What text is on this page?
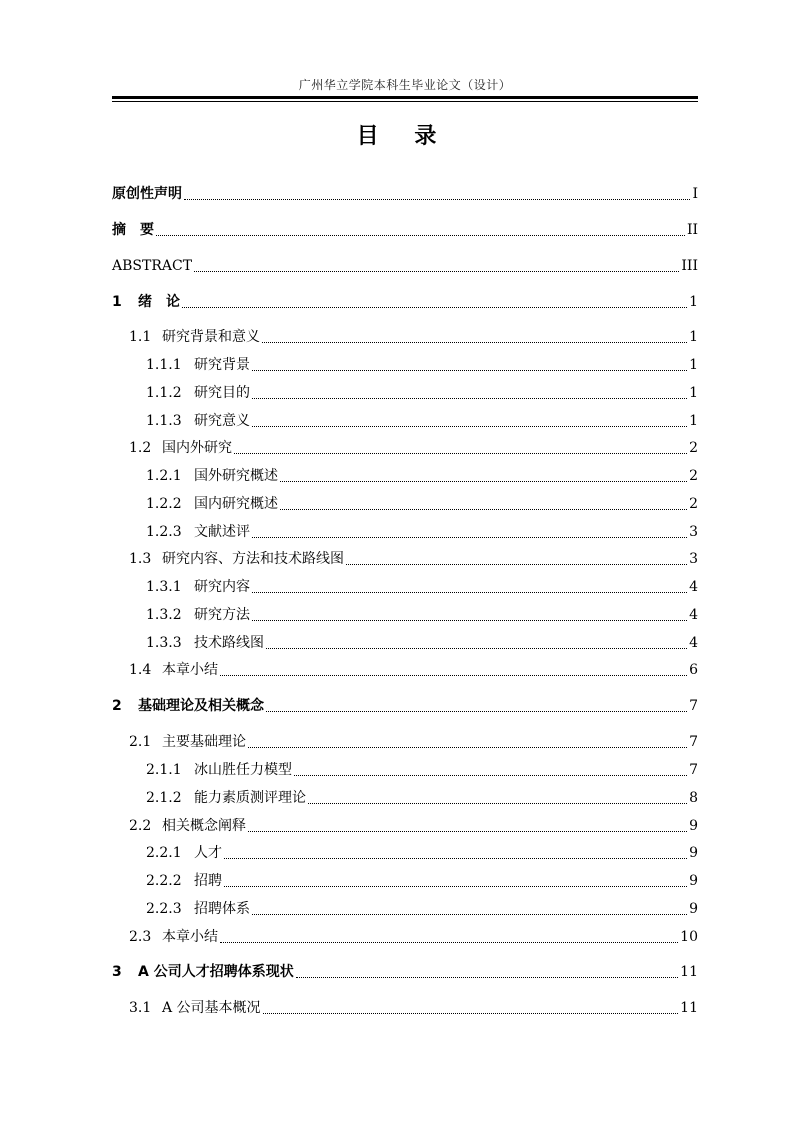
广州华立学院本科生毕业论文（设计）
目 录
原创性声明	I
摘　要	II
ABSTRACT	III
1	绪　论	1
1.1 研究背景和意义	1
1.1.1 研究背景	1
1.1.2 研究目的	1
1.1.3 研究意义	1
1.2 国内外研究	2
1.2.1 国外研究概述	2
1.2.2 国内研究概述	2
1.2.3 文献述评	3
1.3 研究内容、方法和技术路线图	3
1.3.1 研究内容	4
1.3.2 研究方法	4
1.3.3 技术路线图	4
1.4 本章小结	6
2	基础理论及相关概念	7
2.1 主要基础理论	7
2.1.1 冰山胜任力模型	7
2.1.2 能力素质测评理论	8
2.2 相关概念阐释	9
2.2.1 人才	9
2.2.2 招聘	9
2.2.3 招聘体系	9
2.3 本章小结	10
3	A 公司人才招聘体系现状	11
3.1 A 公司基本概况	11
